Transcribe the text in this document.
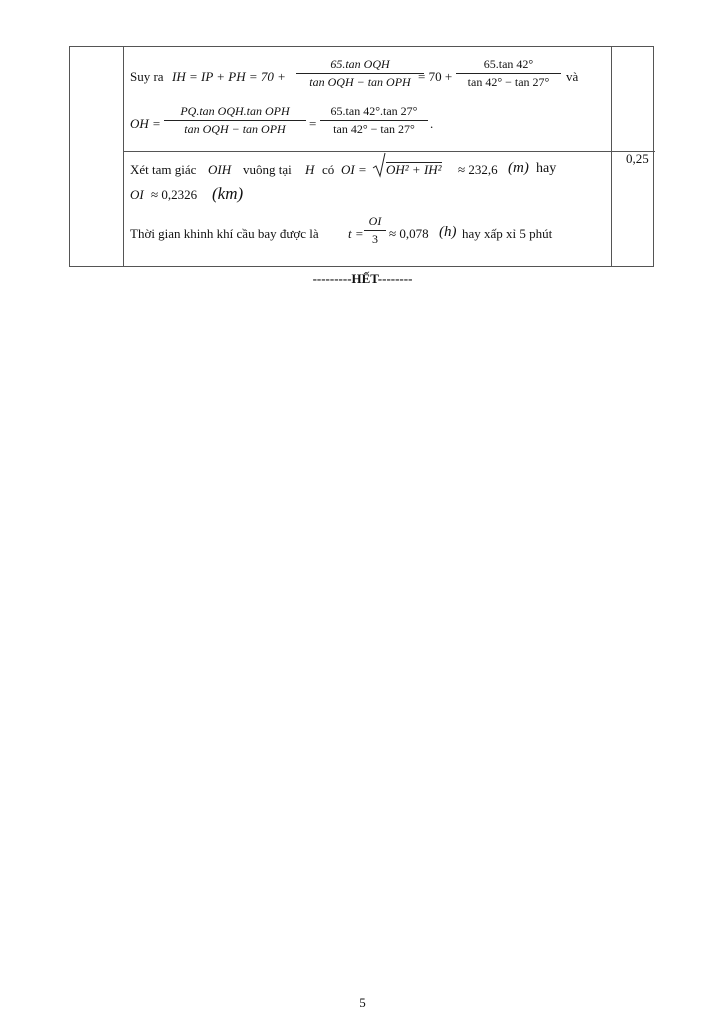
Suy ra IH = IP + PH = 70 +
65.tan OQH
tan OQH − tan OPH = $70 + \frac{65.\tan 42^\circ}{\tan 42^\circ - \tan 27^\circ}$ và
OH =
PQ.tan OQH.tan OPH
tan OQH − tan OPH	= $\frac{65.\tan 42^\circ.\tan 27^\circ}{\tan 42^\circ - \tan 27^\circ}$ .
0,25
Xét tam giác OIH vuông tại H có OI = OH² + IH² ≈ 232,6 (m) hay
OI ≈ 0,2326 (km)
Thời gian khinh khí cầu bay được là $t = \frac{OI}{3} \approx 0,078$ (h) hay xấp xỉ 5 phút
---------HẾT--------
5
